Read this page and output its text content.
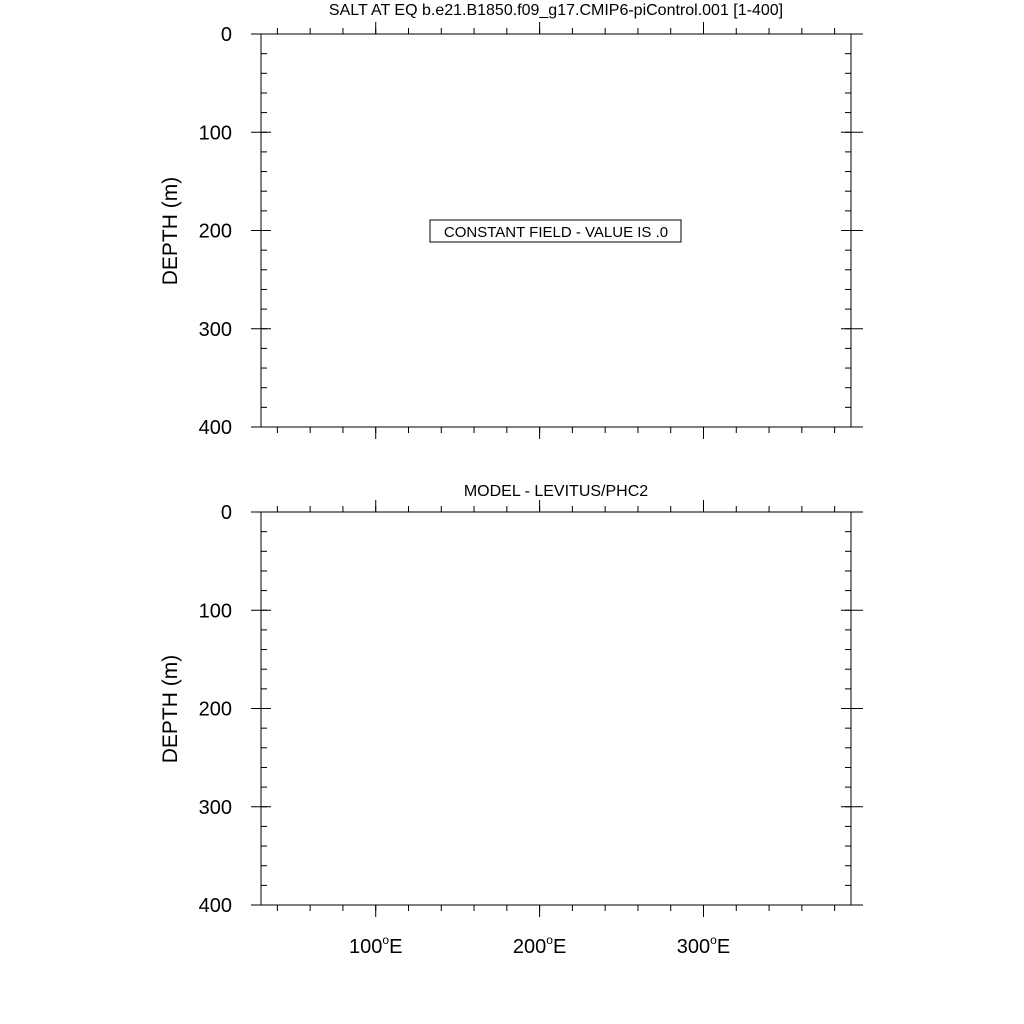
SALT AT EQ b.e21.B1850.f09_g17.CMIP6-piControl.001 [1-400]
DEPTH (m)
0
100
200
300
400
CONSTANT FIELD - VALUE IS .0
MODEL - LEVITUS/PHC2
DEPTH (m)
0
100
200
300
400
100$^o$E	200$^o$E	300$^o$E
